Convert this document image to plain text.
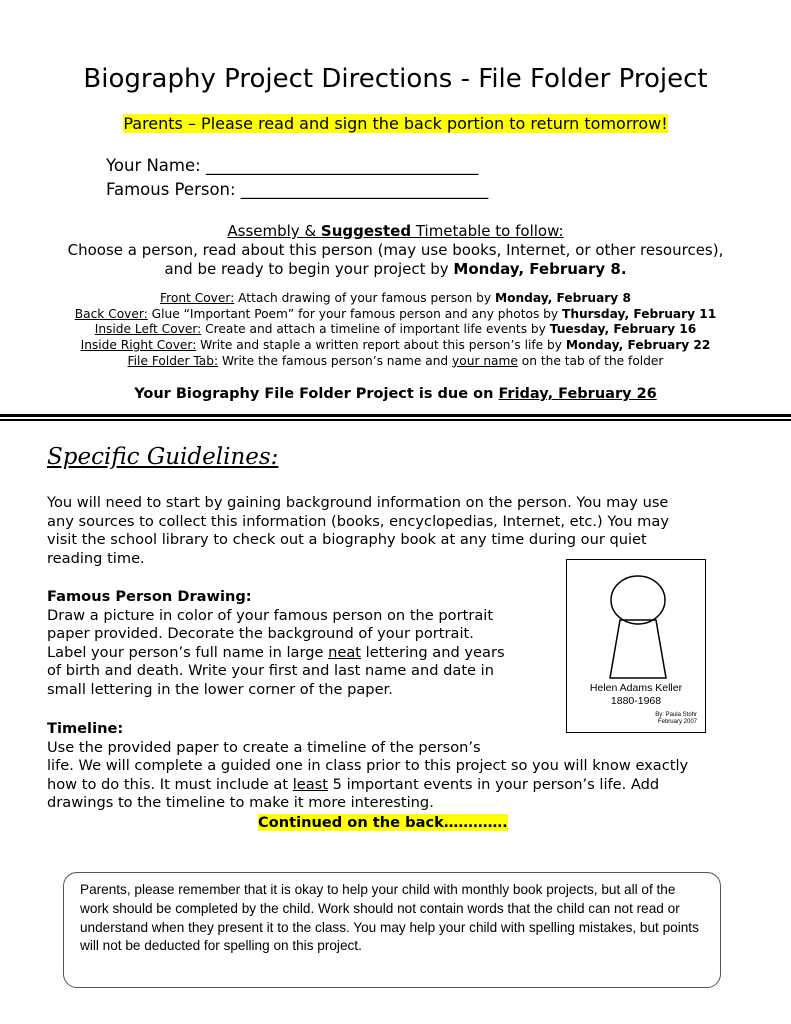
Biography Project Directions - File Folder Project
Parents – Please read and sign the back portion to return tomorrow!
Your Name: _________________________________
Famous Person: ______________________________
Assembly & Suggested Timetable to follow:
Choose a person, read about this person (may use books, Internet, or other resources),
and be ready to begin your project by Monday, February 8.
Front Cover: Attach drawing of your famous person by Monday, February 8
Back Cover: Glue “Important Poem” for your famous person and any photos by Thursday, February 11
Inside Left Cover: Create and attach a timeline of important life events by Tuesday, February 16
Inside Right Cover: Write and staple a written report about this person’s life by Monday, February 22
File Folder Tab: Write the famous person’s name and your name on the tab of the folder
Your Biography File Folder Project is due on Friday, February 26
Specific Guidelines:
You will need to start by gaining background information on the person. You may use
any sources to collect this information (books, encyclopedias, Internet, etc.) You may
visit the school library to check out a biography book at any time during our quiet
reading time.
Famous Person Drawing:
Draw a picture in color of your famous person on the portrait
paper provided. Decorate the background of your portrait.
Label your person’s full name in large neat lettering and years
of birth and death. Write your first and last name and date in
small lettering in the lower corner of the paper.	Helen Adams Keller
1880-1968
By: Paula Stohr
February 2007
Timeline:
Use the provided paper to create a timeline of the person’s
life. We will complete a guided one in class prior to this project so you will know exactly
how to do this. It must include at least 5 important events in your person’s life. Add
drawings to the timeline to make it more interesting.
Continued on the back………….
Parents, please remember that it is okay to help your child with monthly book projects, but all of the work should be completed by the child. Work should not contain words that the child can not read or understand when they present it to the class. You may help your child with spelling mistakes, but points will not be deducted for spelling on this project.
